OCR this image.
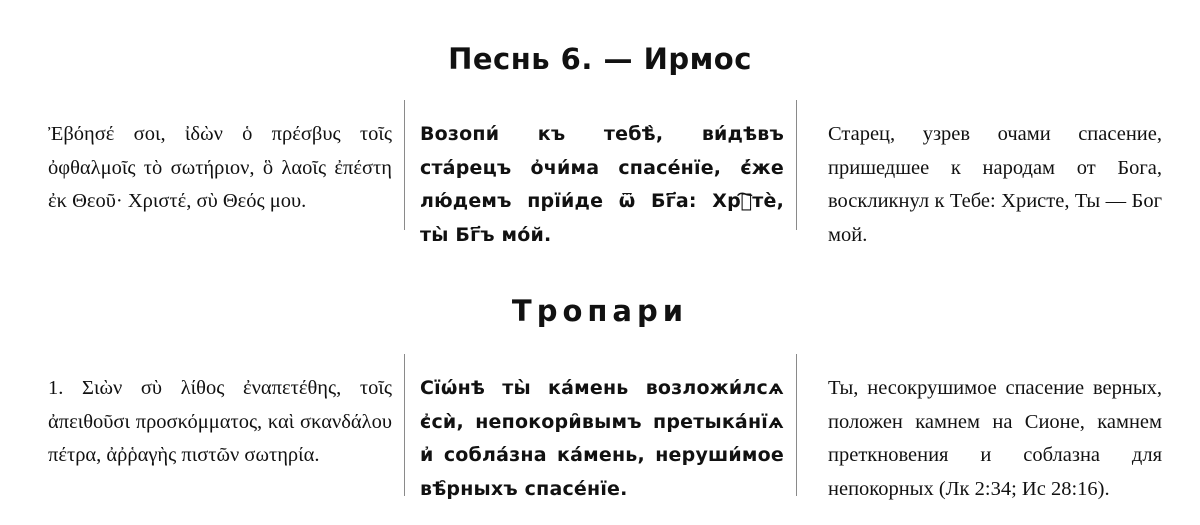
Песнь 6. — Ирмос
Ἐβόησέ σοι, ἰδὼν ὁ πρέσβυς τοῖς ὀφθαλμοῖς τὸ σωτήριον, ὃ λαοῖς ἐπέστη ἐκ Θεοῦ· Χριστέ, σὺ Θεός μου.
Возопи́ къ тебѣ̀, ви́дѣвъ ста́рецъ о҆чи́ма спасе́нїе, є҆́же лю́демъ прїи́де ѿ Бг҃а: Хрⷭ҇тѐ, ты̀ Бг҃ъ мо́й.
Старец, узрев очами спасение, пришедшее к народам от Бога, воскликнул к Тебе: Христе, Ты — Бог мой.
Тропари
1. Σιὼν σὺ λίθος ἐναπετέθης, τοῖς ἀπειθοῦσι προσκόμματος, καὶ σκανδάλου πέτρα, ἀῤῥαγὴς πιστῶν σωτηρία.
Сїѡ́нѣ ты̀ ка́мень возложи́лсѧ є҆сѝ, непокори̑вымъ претыка́нїѧ и҆ собла́зна ка́мень, неруши́мое вѣ̑рныхъ спасе́нїе.
Ты, несокрушимое спасение верных, положен камнем на Сионе, камнем преткновения и соблазна для непокорных (Лк 2:34; Ис 28:16).
